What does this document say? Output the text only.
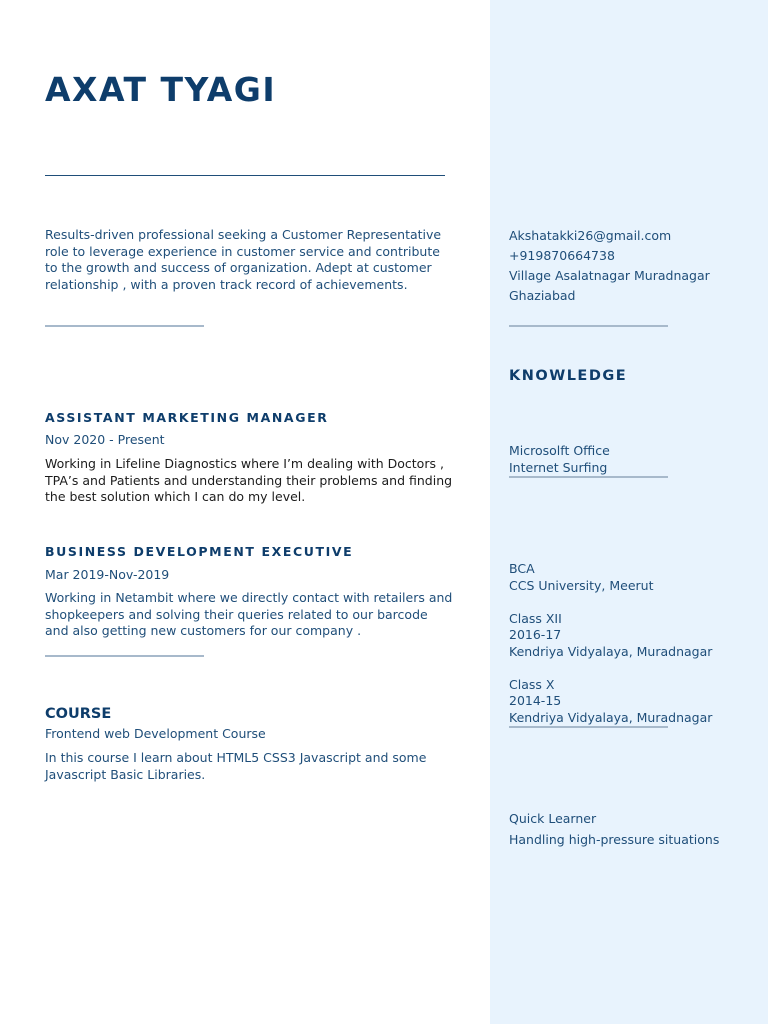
AXAT TYAGI
Results-driven professional seeking a Customer Representative role to leverage experience in customer service and contribute to the growth and success of organization. Adept at customer relationship , with a proven track record of achievements.
ASSISTANT MARKETING MANAGER
Nov 2020 - Present
Working in Lifeline Diagnostics where I’m dealing with Doctors , TPA’s and Patients and understanding their problems and finding the best solution which I can do my level.
BUSINESS DEVELOPMENT EXECUTIVE
Mar 2019-Nov-2019
Working in Netambit where we directly contact with retailers and shopkeepers and solving their queries related to our barcode and also getting new customers for our company .
COURSE
Frontend web Development Course
In this course I learn about HTML5 CSS3 Javascript and some Javascript Basic Libraries.
Akshatakki26@gmail.com
+919870664738
Village Asalatnagar Muradnagar
Ghaziabad
KNOWLEDGE
Microsolft Office
Internet Surfing
BCA
CCS University, Meerut
Class XII
2016-17
Kendriya Vidyalaya, Muradnagar
Class X
2014-15
Kendriya Vidyalaya, Muradnagar
Quick Learner
Handling high-pressure situations
